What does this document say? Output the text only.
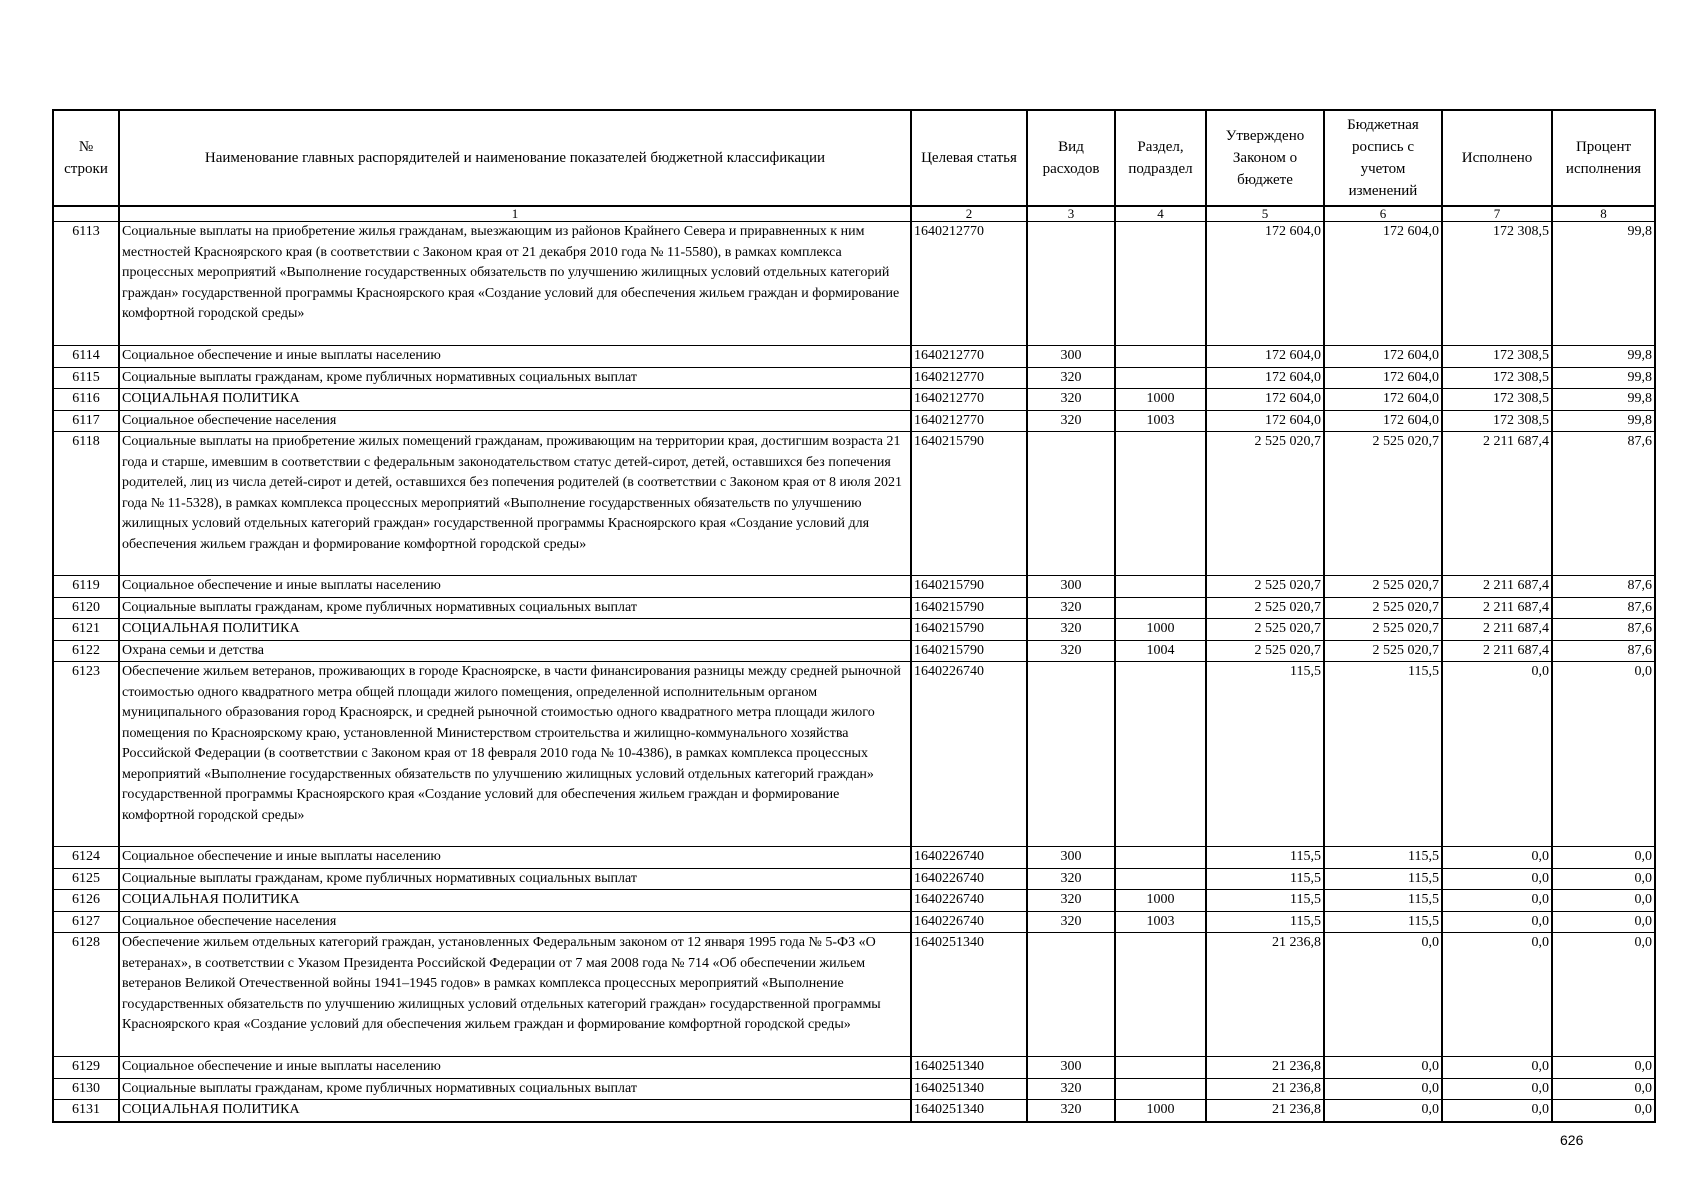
№ строки	Наименование главных распорядителей и наименование показателей бюджетной классификации	Целевая статья	Вид расходов	Раздел, подраздел	Утверждено Законом о бюджете	Бюджетная роспись с учетом изменений	Исполнено	Процент исполнения
	1	2	3	4	5	6	7	8
6113	Социальные выплаты на приобретение жилья гражданам, выезжающим из районов Крайнего Севера и приравненных к ним местностей Красноярского края (в соответствии с Законом края от 21 декабря 2010 года № 11-5580), в рамках комплекса процессных мероприятий «Выполнение государственных обязательств по улучшению жилищных условий отдельных категорий граждан» государственной программы Красноярского края «Создание условий для обеспечения жильем граждан и формирование комфортной городской среды»	1640212770			172 604,0	172 604,0	172 308,5	99,8
6114	Социальное обеспечение и иные выплаты населению	1640212770	300		172 604,0	172 604,0	172 308,5	99,8
6115	Социальные выплаты гражданам, кроме публичных нормативных социальных выплат	1640212770	320		172 604,0	172 604,0	172 308,5	99,8
6116	СОЦИАЛЬНАЯ ПОЛИТИКА	1640212770	320	1000	172 604,0	172 604,0	172 308,5	99,8
6117	Социальное обеспечение населения	1640212770	320	1003	172 604,0	172 604,0	172 308,5	99,8
6118	Социальные выплаты на приобретение жилых помещений гражданам, проживающим на территории края, достигшим возраста 21 года и старше, имевшим в соответствии с федеральным законодательством статус детей-сирот, детей, оставшихся без попечения родителей, лиц из числа детей-сирот и детей, оставшихся без попечения родителей (в соответствии с Законом края от 8 июля 2021 года № 11-5328), в рамках комплекса процессных мероприятий «Выполнение государственных обязательств по улучшению жилищных условий отдельных категорий граждан» государственной программы Красноярского края «Создание условий для обеспечения жильем граждан и формирование комфортной городской среды»	1640215790			2 525 020,7	2 525 020,7	2 211 687,4	87,6
6119	Социальное обеспечение и иные выплаты населению	1640215790	300		2 525 020,7	2 525 020,7	2 211 687,4	87,6
6120	Социальные выплаты гражданам, кроме публичных нормативных социальных выплат	1640215790	320		2 525 020,7	2 525 020,7	2 211 687,4	87,6
6121	СОЦИАЛЬНАЯ ПОЛИТИКА	1640215790	320	1000	2 525 020,7	2 525 020,7	2 211 687,4	87,6
6122	Охрана семьи и детства	1640215790	320	1004	2 525 020,7	2 525 020,7	2 211 687,4	87,6
6123	Обеспечение жильем ветеранов, проживающих в городе Красноярске, в части финансирования разницы между средней рыночной стоимостью одного квадратного метра общей площади жилого помещения, определенной исполнительным органом муниципального образования город Красноярск, и средней рыночной стоимостью одного квадратного метра площади жилого помещения по Красноярскому краю, установленной Министерством строительства и жилищно-коммунального хозяйства Российской Федерации (в соответствии с Законом края от 18 февраля 2010 года № 10-4386), в рамках комплекса процессных мероприятий «Выполнение государственных обязательств по улучшению жилищных условий отдельных категорий граждан» государственной программы Красноярского края «Создание условий для обеспечения жильем граждан и формирование комфортной городской среды»	1640226740			115,5	115,5	0,0	0,0
6124	Социальное обеспечение и иные выплаты населению	1640226740	300		115,5	115,5	0,0	0,0
6125	Социальные выплаты гражданам, кроме публичных нормативных социальных выплат	1640226740	320		115,5	115,5	0,0	0,0
6126	СОЦИАЛЬНАЯ ПОЛИТИКА	1640226740	320	1000	115,5	115,5	0,0	0,0
6127	Социальное обеспечение населения	1640226740	320	1003	115,5	115,5	0,0	0,0
6128	Обеспечение жильем отдельных категорий граждан, установленных Федеральным законом от 12 января 1995 года № 5-ФЗ «О ветеранах», в соответствии с Указом Президента Российской Федерации от 7 мая 2008 года № 714 «Об обеспечении жильем ветеранов Великой Отечественной войны 1941–1945 годов» в рамках комплекса процессных мероприятий «Выполнение государственных обязательств по улучшению жилищных условий отдельных категорий граждан» государственной программы Красноярского края «Создание условий для обеспечения жильем граждан и формирование комфортной городской среды»	1640251340			21 236,8	0,0	0,0	0,0
6129	Социальное обеспечение и иные выплаты населению	1640251340	300		21 236,8	0,0	0,0	0,0
6130	Социальные выплаты гражданам, кроме публичных нормативных социальных выплат	1640251340	320		21 236,8	0,0	0,0	0,0
6131	СОЦИАЛЬНАЯ ПОЛИТИКА	1640251340	320	1000	21 236,8	0,0	0,0	0,0
626
